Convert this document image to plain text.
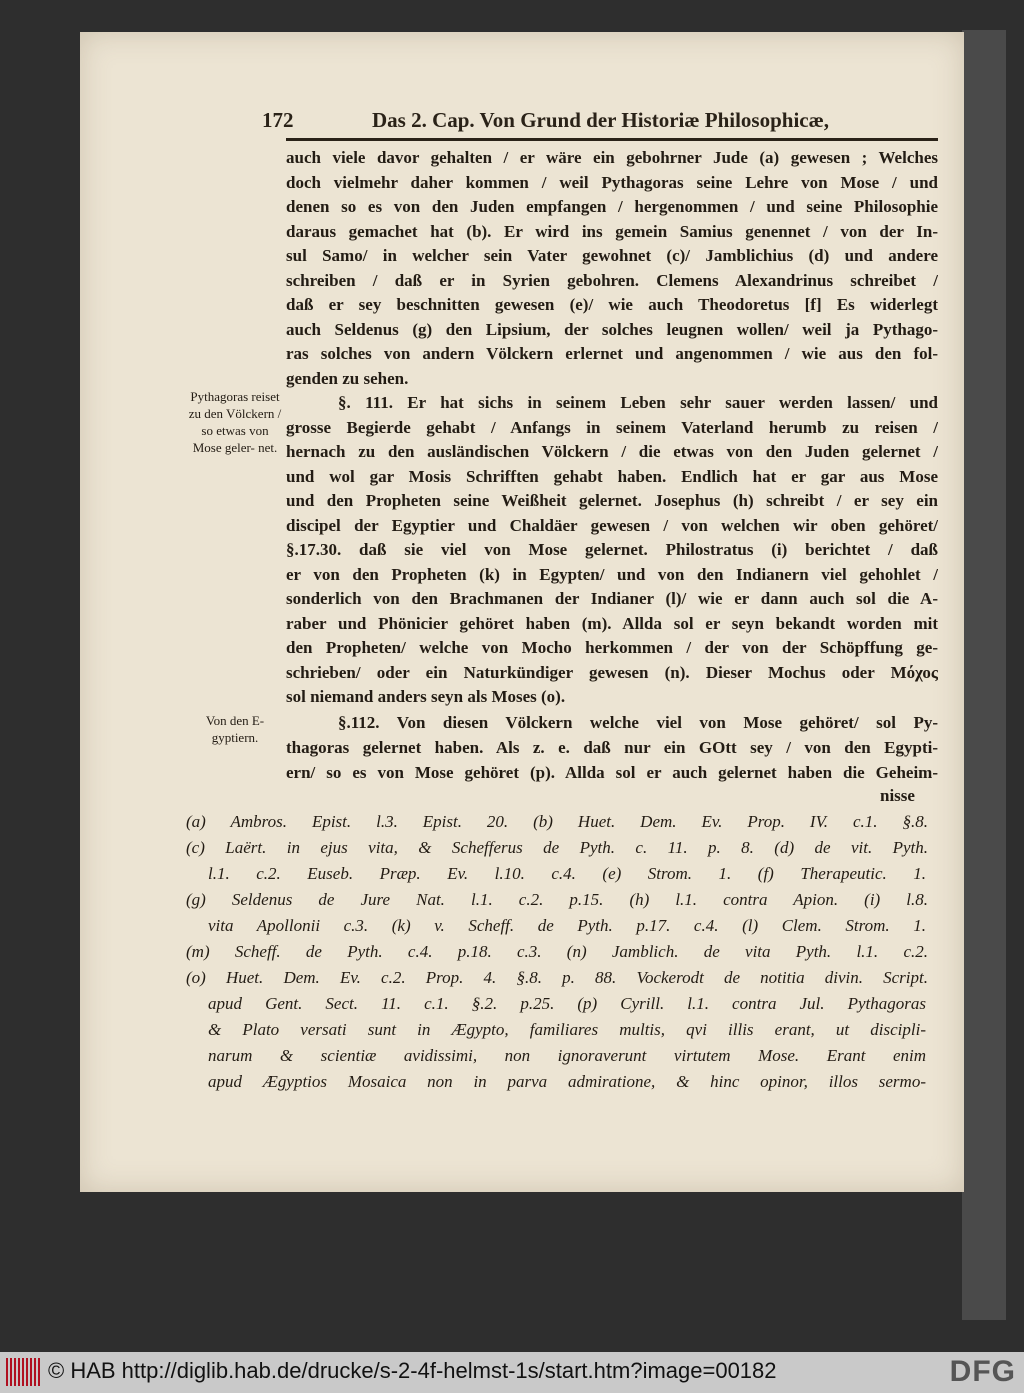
172	Das 2. Cap. Von Grund der Historiæ Philosophicæ,
auch viele davor gehalten / er wäre ein gebohrner Jude (a) gewesen ; Welches
doch vielmehr daher kommen / weil Pythagoras seine Lehre von Mose / und
denen so es von den Juden empfangen / hergenommen / und seine Philosophie
daraus gemachet hat (b). Er wird ins gemein Samius genennet / von der In-
sul Samo/ in welcher sein Vater gewohnet (c)/ Jamblichius (d) und andere
schreiben / daß er in Syrien gebohren. Clemens Alexandrinus schreibet /
daß er sey beschnitten gewesen (e)/ wie auch Theodoretus [f] Es widerlegt
auch Seldenus (g) den Lipsium, der solches leugnen wollen/ weil ja Pythago-
ras solches von andern Völckern erlernet und angenommen / wie aus den fol-
genden zu sehen.
§. 111. Er hat sichs in seinem Leben sehr sauer werden lassen/ und
grosse Begierde gehabt / Anfangs in seinem Vaterland herumb zu reisen /
hernach zu den ausländischen Völckern / die etwas von den Juden gelernet /
und wol gar Mosis Schrifften gehabt haben. Endlich hat er gar aus Mose
und den Propheten seine Weißheit gelernet. Josephus (h) schreibt / er sey ein
discipel der Egyptier und Chaldäer gewesen / von welchen wir oben gehöret/
§.17.30. daß sie viel von Mose gelernet. Philostratus (i) berichtet / daß
er von den Propheten (k) in Egypten/ und von den Indianern viel gehohlet /
sonderlich von den Brachmanen der Indianer (l)/ wie er dann auch sol die A-
raber und Phönicier gehöret haben (m). Allda sol er seyn bekandt worden mit
den Propheten/ welche von Mocho herkommen / der von der Schöpffung ge-
schrieben/ oder ein Naturkündiger gewesen (n). Dieser Mochus oder Μόχος
sol niemand anders seyn als Moses (o).
§.112. Von diesen Völckern welche viel von Mose gehöret/ sol Py-
thagoras gelernet haben. Als z. e. daß nur ein GOtt sey / von den Egypti-
ern/ so es von Mose gehöret (p). Allda sol er auch gelernet haben die Geheim-
nisse
Pythagoras reiset zu den Völckern / so etwas von Mose geler- net.
Von den E- gyptiern.
(a) Ambros. Epist. l.3. Epist. 20. (b) Huet. Dem. Ev. Prop. IV. c.1. §.8.
(c) Laërt. in ejus vita, & Schefferus de Pyth. c. 11. p. 8. (d) de vit. Pyth.
l.1. c.2. Euseb. Præp. Ev. l.10. c.4. (e) Strom. 1. (f) Therapeutic. 1.
(g) Seldenus de Jure Nat. l.1. c.2. p.15. (h) l.1. contra Apion. (i) l.8.
vita Apollonii c.3. (k) v. Scheff. de Pyth. p.17. c.4. (l) Clem. Strom. 1.
(m) Scheff. de Pyth. c.4. p.18. c.3. (n) Jamblich. de vita Pyth. l.1. c.2.
(o) Huet. Dem. Ev. c.2. Prop. 4. §.8. p. 88. Vockerodt de notitia divin. Script.
apud Gent. Sect. 11. c.1. §.2. p.25. (p) Cyrill. l.1. contra Jul. Pythagoras
& Plato versati sunt in Ægypto, familiares multis, qvi illis erant, ut discipli-
narum & scientiæ avidissimi, non ignoraverunt virtutem Mose. Erant enim
apud Ægyptios Mosaica non in parva admiratione, & hinc opinor, illos sermo-
© HAB http://diglib.hab.de/drucke/s-2-4f-helmst-1s/start.htm?image=00182	DFG
